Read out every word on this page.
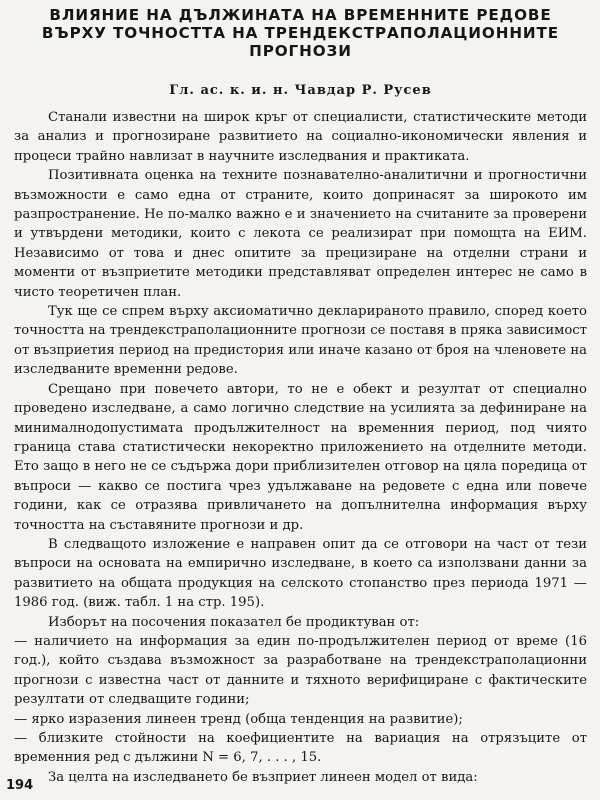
ВЛИЯНИЕ НА ДЪЛЖИНАТА НА ВРЕМЕННИТЕ РЕДОВЕ
ВЪРХУ ТОЧНОСТТА НА ТРЕНДЕКСТРАПОЛАЦИОННИТЕ
ПРОГНОЗИ
Гл. ас. к. и. н. Чавдар Р. Русев

Станали известни на широк кръг от специалисти, статистическите методи за анализ и прогнозиране развитието на социално-икономически явления и процеси трайно навлизат в научните изследвания и практиката.

Позитивната оценка на техните познавателно-аналитични и прогностични възможности е само една от страните, които допринасят за широкото им разпространение. Не по-малко важно е и значението на считаните за проверени и утвърдени методики, които с лекота се реализират при помощта на ЕИМ. Независимо от това и днес опитите за прецизиране на отделни страни и моменти от възприетите методики представляват определен интерес не само в чисто теоретичен план.

Тук ще се спрем върху аксиоматично декларираното правило, според което точността на трендекстраполационните прогнози се поставя в пряка зависимост от възприетия период на предистория или иначе казано от броя на членовете на изследваните временни редове.

Срещано при повечето автори, то не е обект и резултат от специално проведено изследване, а само логично следствие на усилията за дефиниране на минималнодопустимата продължителност на временния период, под чиято граница става статистически некоректно приложението на отделните методи. Ето защо в него не се съдържа дори приблизителен отговор на цяла поредица от въпроси — какво се постига чрез удължаване на редовете с една или повече години, как се отразява привличането на допълнителна информация върху точността на съставяните прогнози и др.

В следващото изложение е направен опит да се отговори на част от тези въпроси на основата на емпирично изследване, в което са използвани данни за развитието на общата продукция на селското стопанство през периода 1971 — 1986 год. (виж. табл. 1 на стр. 195).

Изборът на посочения показател бе продиктуван от:

— наличието на информация за един по-продължителен период от време (16 год.), който създава възможност за разработване на трендекстраполационни прогнози с известна част от данните и тяхното верифициране с фактическите резултати от следващите години;

— ярко изразения линеен тренд (обща тенденция на развитие);

— близките стойности на коефициентите на вариация на отрязъците от временния ред с дължини N = 6, 7, . . . , 15.

За целта на изследването бе възприет линеен модел от вида:

194
